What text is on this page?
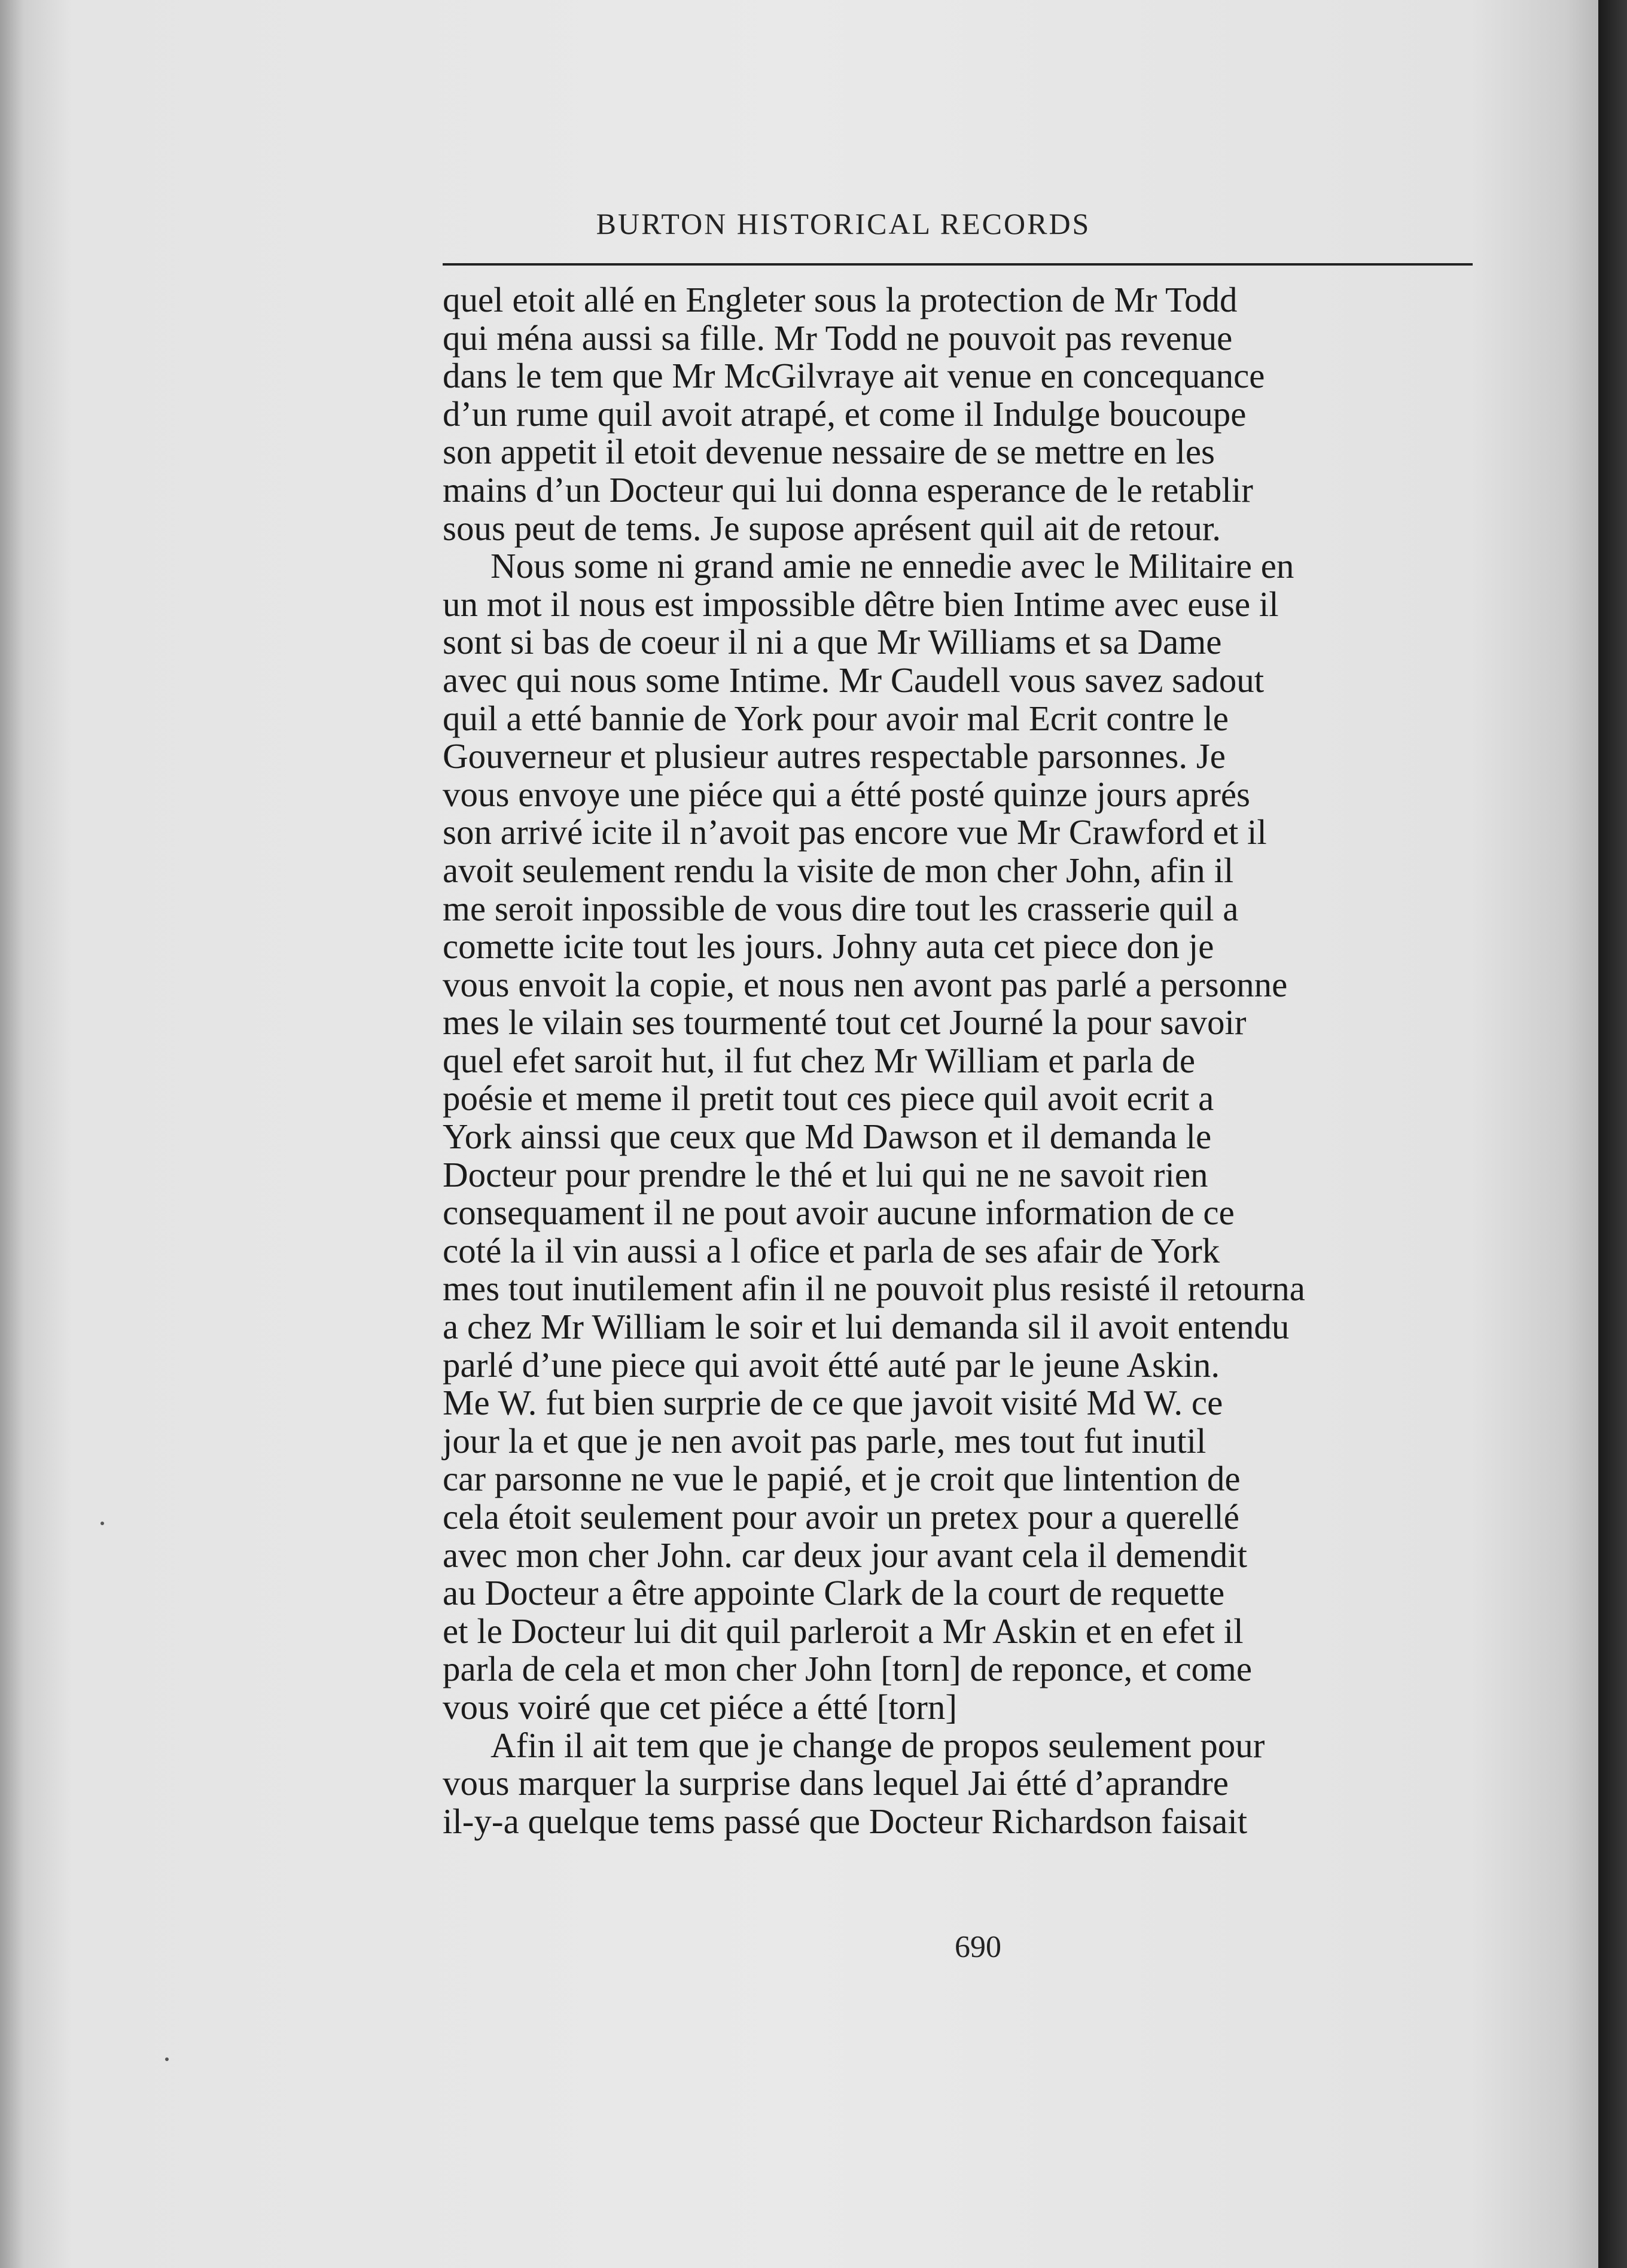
BURTON HISTORICAL RECORDS
quel etoit allé en Engleter sous la protection de Mr Todd
qui ména aussi sa fille. Mr Todd ne pouvoit pas revenue
dans le tem que Mr McGilvraye ait venue en concequance
d’un rume quil avoit atrapé, et come il Indulge boucoupe
son appetit il etoit devenue nessaire de se mettre en les
mains d’un Docteur qui lui donna esperance de le retablir
sous peut de tems. Je supose aprésent quil ait de retour.
Nous some ni grand amie ne ennedie avec le Militaire en
un mot il nous est impossible dêtre bien Intime avec euse il
sont si bas de coeur il ni a que Mr Williams et sa Dame
avec qui nous some Intime. Mr Caudell vous savez sadout
quil a etté bannie de York pour avoir mal Ecrit contre le
Gouverneur et plusieur autres respectable parsonnes. Je
vous envoye une piéce qui a étté posté quinze jours aprés
son arrivé icite il n’avoit pas encore vue Mr Crawford et il
avoit seulement rendu la visite de mon cher John, afin il
me seroit inpossible de vous dire tout les crasserie quil a
comette icite tout les jours. Johny auta cet piece don je
vous envoit la copie, et nous nen avont pas parlé a personne
mes le vilain ses tourmenté tout cet Journé la pour savoir
quel efet saroit hut, il fut chez Mr William et parla de
poésie et meme il pretit tout ces piece quil avoit ecrit a
York ainssi que ceux que Md Dawson et il demanda le
Docteur pour prendre le thé et lui qui ne ne savoit rien
consequament il ne pout avoir aucune information de ce
coté la il vin aussi a l ofice et parla de ses afair de York
mes tout inutilement afin il ne pouvoit plus resisté il retourna
a chez Mr William le soir et lui demanda sil il avoit entendu
parlé d’une piece qui avoit étté auté par le jeune Askin.
Me W. fut bien surprie de ce que javoit visité Md W. ce
jour la et que je nen avoit pas parle, mes tout fut inutil
car parsonne ne vue le papié, et je croit que lintention de
cela étoit seulement pour avoir un pretex pour a querellé
avec mon cher John. car deux jour avant cela il demendit
au Docteur a être appointe Clark de la court de requette
et le Docteur lui dit quil parleroit a Mr Askin et en efet il
parla de cela et mon cher John [torn] de reponce, et come
vous voiré que cet piéce a étté [torn]
Afin il ait tem que je change de propos seulement pour
vous marquer la surprise dans lequel Jai étté d’aprandre
il-y-a quelque tems passé que Docteur Richardson faisait
690
